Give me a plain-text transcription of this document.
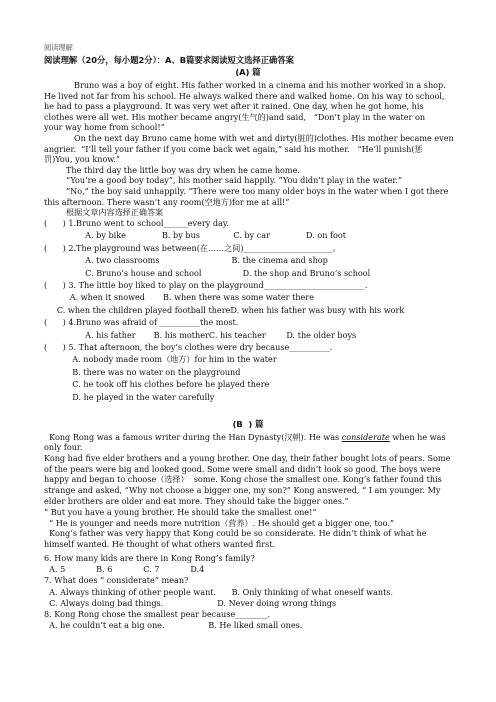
阅读理解
阅读理解（20分，每小题2分）：A、B篇要求阅读短文选择正确答案
(A) 篇
Bruno was a boy of eight. His father worked in a cinema and his mother worked in a shop.
He lived not far from his school. He always walked there and walked home. On his way to school,
he had to pass a playground. It was very wet after it rained. One day, when he got home, his
clothes were all wet. His mother became angry(生气的)and said,   “Don’t play in the water on
your way home from school!”
On the next day Bruno came home with wet and dirty(脏的)clothes. His mother became even
angrier.  “I’ll tell your father if you come back wet again,” said his mother.   “He’ll punish(惩
罚)You, you know.”
The third day the little boy was dry when he came home.
“You’re a good boy today”, his mother said happily. “You didn’t play in the water.”
“No,” the boy said unhappily. “There were too many older boys in the water when I got there
this afternoon. There wasn’t any room(空地方)for me at all!”
根据文章内容选择正确答案
(      ) 1.Bruno went to school______every day.
A. by bike              B. by bus             C. by car              D. on foot
(      ) 2.The playground was between(在……之间)______________________。
A. two classrooms                            B. the cinema and shop
C. Bruno’s house and school                D. the shop and Bruno’s school
(      ) 3. The little boy liked to play on the playground_________________________.
A. when it snowed       B. when there was some water there
C. when the children played football thereD. when his father was busy with his work
(      ) 4.Bruno was afraid of __________the most.
A. his father       B. his motherC. his teacher        D. the older boys
(      ) 5. That afternoon, the boy’s clothes were dry because__________.
A. nobody made room（地方）for him in the water
B. there was no water on the playground
C. he took off his clothes before he played there
D. he played in the water carefully
(B  ) 篇
Kong Rong was a famous writer during the Han Dynasty(汉朝). He was considerate when he was
only four.
Kong had five elder brothers and a young brother. One day, their father bought lots of pears. Some
of the pears were big and looked good. Some were small and didn’t look so good. The boys were
happy and began to choose（选择）  some. Kong chose the smallest one. Kong’s father found this
strange and asked, “Why not choose a bigger one, my son?” Kong answered, “ I am younger. My
elder brothers are older and eat more. They should take the bigger ones.”
“ But you have a young brother. He should take the smallest one!”
“ He is younger and needs more nutrition（营养）. He should get a bigger one, too.”
Kong’s father was very happy that Kong could be so considerate. He didn’t think of what he
himself wanted. He thought of what others wanted first.
6. How many kids are there in Kong Rong’s family?
A. 5            B. 6            C. 7            D.4
7. What does “ considerate” mean?
A. Always thinking of other people want.      B. Only thinking of what oneself wants.
C. Always doing bad things.                     D. Never doing wrong things
8. Kong Rong chose the smallest pear because________.
A. he couldn’t eat a big one.                 B. He liked small ones.
